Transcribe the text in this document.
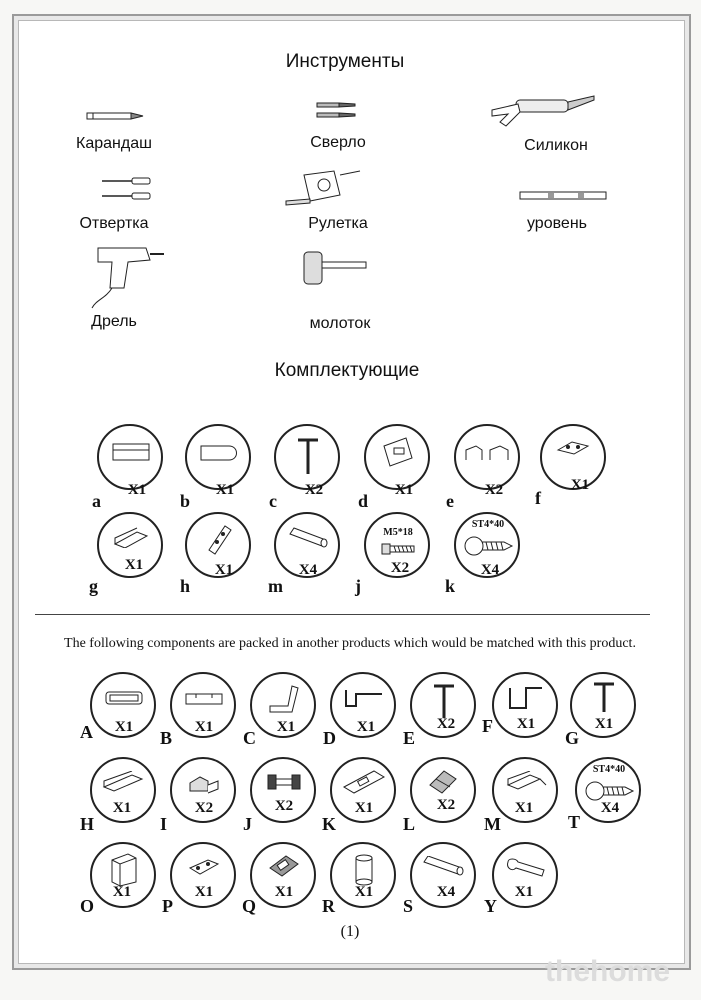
Инструменты
Карандаш	Сверло	Силикон
Отвертка	Рулетка	уровень
Дрель	молоток
Комплектующие
X1
a
X1
b
X2
c
X1
d
X2
e
X1
f
X1
g
X1
h
X4
m
M5*18
X2
j
ST4*40
X4
k
The following components are packed in another products which would be matched with this product.
X1
A	X1
B
X1
C
X1
D
X2
E
X1
F	X1
G
X1
H
X2
I
X2
J
X1
K
X2
L
X1
M
ST4*40
X4
T
X1
O
X1
P
X1
Q
X1
R
X4
S
X1
Y
(1)
thehome
